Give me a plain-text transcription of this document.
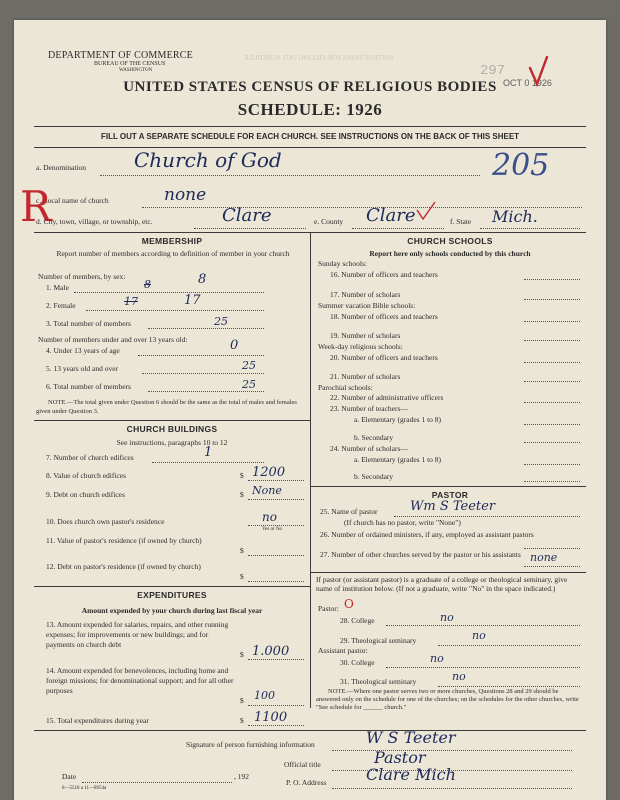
DEPARTMENT OF COMMERCE
BUREAU OF THE CENSUS
WASHINGTON
INSTRUCTIONS FOR FILLING OUT SCHEDULE
297
OCT 0 1926
UNITED STATES CENSUS OF RELIGIOUS BODIES
SCHEDULE: 1926
FILL OUT A SEPARATE SCHEDULE FOR EACH CHURCH. SEE INSTRUCTIONS ON THE BACK OF THIS SHEET
a. Denomination Church of God	205
c. Local name of church	none
R
d. City, town, village, or township, etc.	Clare	e. County Clare	f. State Mich.
MEMBERSHIP
Report number of members according to definition of member in your church
Number of members, by sex:
1. Male	8	8
2. Female	17	17
3. Total number of members	25
Number of members under and over 13 years old:
4. Under 13 years of age	0
5. 13 years old and over	25
6. Total number of members	25
NOTE.—The total given under Question 6 should be the same as the total of males and females given under Question 3.
CHURCH BUILDINGS
See instructions, paragraphs 10 to 12
7. Number of church edifices	1
8. Value of church edifices	$ 1200
9. Debt on church edifices	$ None
10. Does church own pastor's residence	no
Yes or No
11. Value of pastor's residence (if owned by church)
$
12. Debt on pastor's residence (if owned by church)
$
EXPENDITURES
Amount expended by your church during last fiscal year
13. Amount expended for salaries, repairs, and other running expenses; for improvements or new buildings; and for payments on church debt
$ 1.000
14. Amount expended for benevolences, including home and foreign missions; for denominational support; and for all other purposes
$ 100
15. Total expenditures during year	$ 1100
CHURCH SCHOOLS
Report here only schools conducted by this church
Sunday schools:
16. Number of officers and teachers
17. Number of scholars
Summer vacation Bible schools:
18. Number of officers and teachers
19. Number of scholars
Week-day religious schools:
20. Number of officers and teachers
21. Number of scholars
Parochial schools:
22. Number of administrative officers
23. Number of teachers—
a. Elementary (grades 1 to 8)
b. Secondary
24. Number of scholars—
a. Elementary (grades 1 to 8)
b. Secondary
PASTOR
25. Name of pastor	Wm S Teeter
(If church has no pastor, write "None")
26. Number of ordained ministers, if any, employed as assistant pastors
27. Number of other churches served by the pastor or his assistants none
If pastor (or assistant pastor) is a graduate of a college or theological seminary, give name of institution below. (If not a graduate, write "No" in the space indicated.)
Pastor: O
28. College	no
29. Theological seminary	no
Assistant pastor:
30. College	no
31. Theological seminary	no
NOTE.—Where one pastor serves two or more churches, Questions 28 and 29 should be answered only on the schedule for one of the churches; on the schedules for the other churches, write "See schedule for ______ church."
Signature of person furnishing information	W S Teeter
Official title	Pastor
Date	, 192
P. O. Address Clare Mich
8—5518 a 11—8954a
